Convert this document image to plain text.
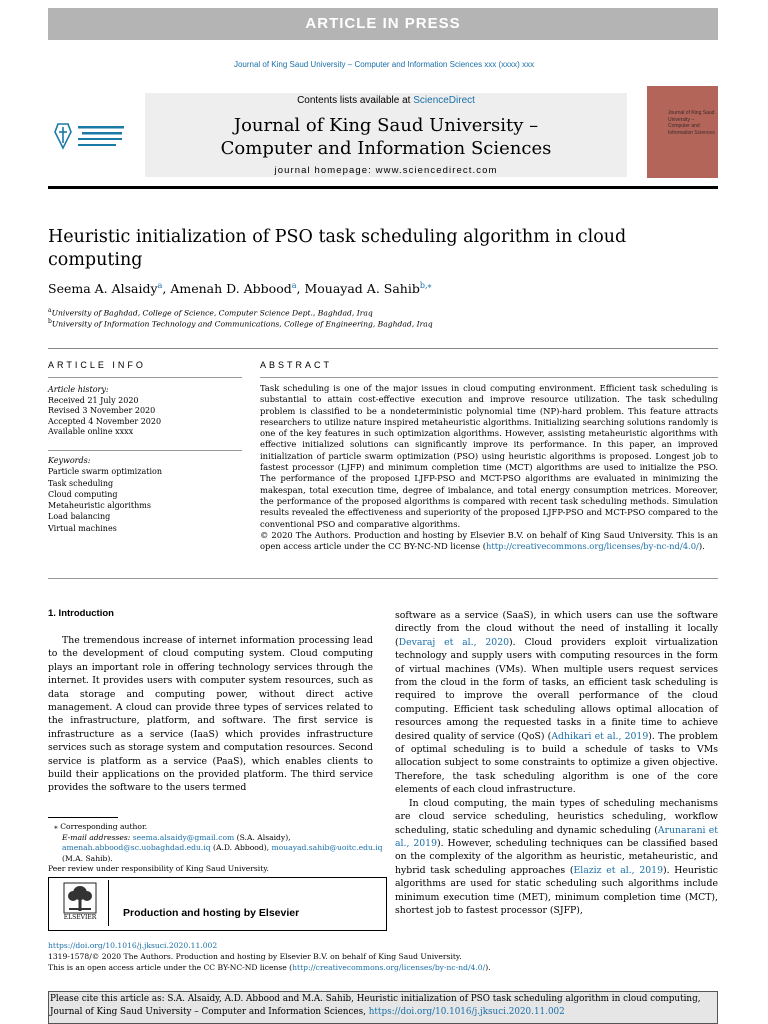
ARTICLE IN PRESS
Journal of King Saud University – Computer and Information Sciences xxx (xxxx) xxx
Contents lists available at ScienceDirect
Journal of King Saud University –
Computer and Information Sciences
journal homepage: www.sciencedirect.com
Journal of King Saud University – Computer and Information Sciences
Heuristic initialization of PSO task scheduling algorithm in cloud computing
Seema A. Alsaidy$^a$, Amenah D. Abbood$^a$, Mouayad A. Sahib$^{b,⁎}$
$^a$University of Baghdad, College of Science, Computer Science Dept., Baghdad, Iraq
$^b$University of Information Technology and Communications, College of Engineering, Baghdad, Iraq
ARTICLE INFO	ABSTRACT
Article history:
Received 21 July 2020
Revised 3 November 2020
Accepted 4 November 2020
Available online xxxx
Keywords:
Particle swarm optimization
Task scheduling
Cloud computing
Metaheuristic algorithms
Load balancing
Virtual machines
Task scheduling is one of the major issues in cloud computing environment. Efficient task scheduling is substantial to attain cost-effective execution and improve resource utilization. The task scheduling problem is classified to be a nondeterministic polynomial time (NP)-hard problem. This feature attracts researchers to utilize nature inspired metaheuristic algorithms. Initializing searching solutions randomly is one of the key features in such optimization algorithms. However, assisting metaheuristic algorithms with effective initialized solutions can significantly improve its performance. In this paper, an improved initialization of particle swarm optimization (PSO) using heuristic algorithms is proposed. Longest job to fastest processor (LJFP) and minimum completion time (MCT) algorithms are used to initialize the PSO. The performance of the proposed LJFP-PSO and MCT-PSO algorithms are evaluated in minimizing the makespan, total execution time, degree of imbalance, and total energy consumption metrices. Moreover, the performance of the proposed algorithms is compared with recent task scheduling methods. Simulation results revealed the effectiveness and superiority of the proposed LJFP-PSO and MCT-PSO compared to the conventional PSO and comparative algorithms.
© 2020 The Authors. Production and hosting by Elsevier B.V. on behalf of King Saud University. This is an open access article under the CC BY-NC-ND license (http://creativecommons.org/licenses/by-nc-nd/4.0/).
1. Introduction
The tremendous increase of internet information processing lead to the development of cloud computing system. Cloud computing plays an important role in offering technology services through the internet. It provides users with computer system resources, such as data storage and computing power, without direct active management. A cloud can provide three types of services related to the infrastructure, platform, and software. The first service is infrastructure as a service (IaaS) which provides infrastructure services such as storage system and computation resources. Second service is platform as a service (PaaS), which enables clients to build their applications on the provided platform. The third service provides the software to the users termed
software as a service (SaaS), in which users can use the software directly from the cloud without the need of installing it locally (Devaraj et al., 2020). Cloud providers exploit virtualization technology and supply users with computing resources in the form of virtual machines (VMs). When multiple users request services from the cloud in the form of tasks, an efficient task scheduling is required to improve the overall performance of the cloud computing. Efficient task scheduling allows optimal allocation of resources among the requested tasks in a finite time to achieve desired quality of service (QoS) (Adhikari et al., 2019). The problem of optimal scheduling is to build a schedule of tasks to VMs allocation subject to some constraints to optimize a given objective. Therefore, the task scheduling algorithm is one of the core elements of each cloud infrastructure.
In cloud computing, the main types of scheduling mechanisms are cloud service scheduling, heuristics scheduling, workflow scheduling, static scheduling and dynamic scheduling (Arunarani et al., 2019). However, scheduling techniques can be classified based on the complexity of the algorithm as heuristic, metaheuristic, and hybrid task scheduling approaches (Elaziz et al., 2019). Heuristic algorithms are used for static scheduling such algorithms include minimum execution time (MET), minimum completion time (MCT), shortest job to fastest processor (SJFP),
⁎ Corresponding author.
E-mail addresses: seema.alsaidy@gmail.com (S.A. Alsaidy), amenah.abbood@sc.uobaghdad.edu.iq (A.D. Abbood), mouayad.sahib@uoitc.edu.iq (M.A. Sahib).
Peer review under responsibility of King Saud University.
ELSEVIER	Production and hosting by Elsevier
https://doi.org/10.1016/j.jksuci.2020.11.002
1319-1578/© 2020 The Authors. Production and hosting by Elsevier B.V. on behalf of King Saud University.
This is an open access article under the CC BY-NC-ND license (http://creativecommons.org/licenses/by-nc-nd/4.0/).
Please cite this article as: S.A. Alsaidy, A.D. Abbood and M.A. Sahib, Heuristic initialization of PSO task scheduling algorithm in cloud computing, Journal of King Saud University – Computer and Information Sciences, https://doi.org/10.1016/j.jksuci.2020.11.002
